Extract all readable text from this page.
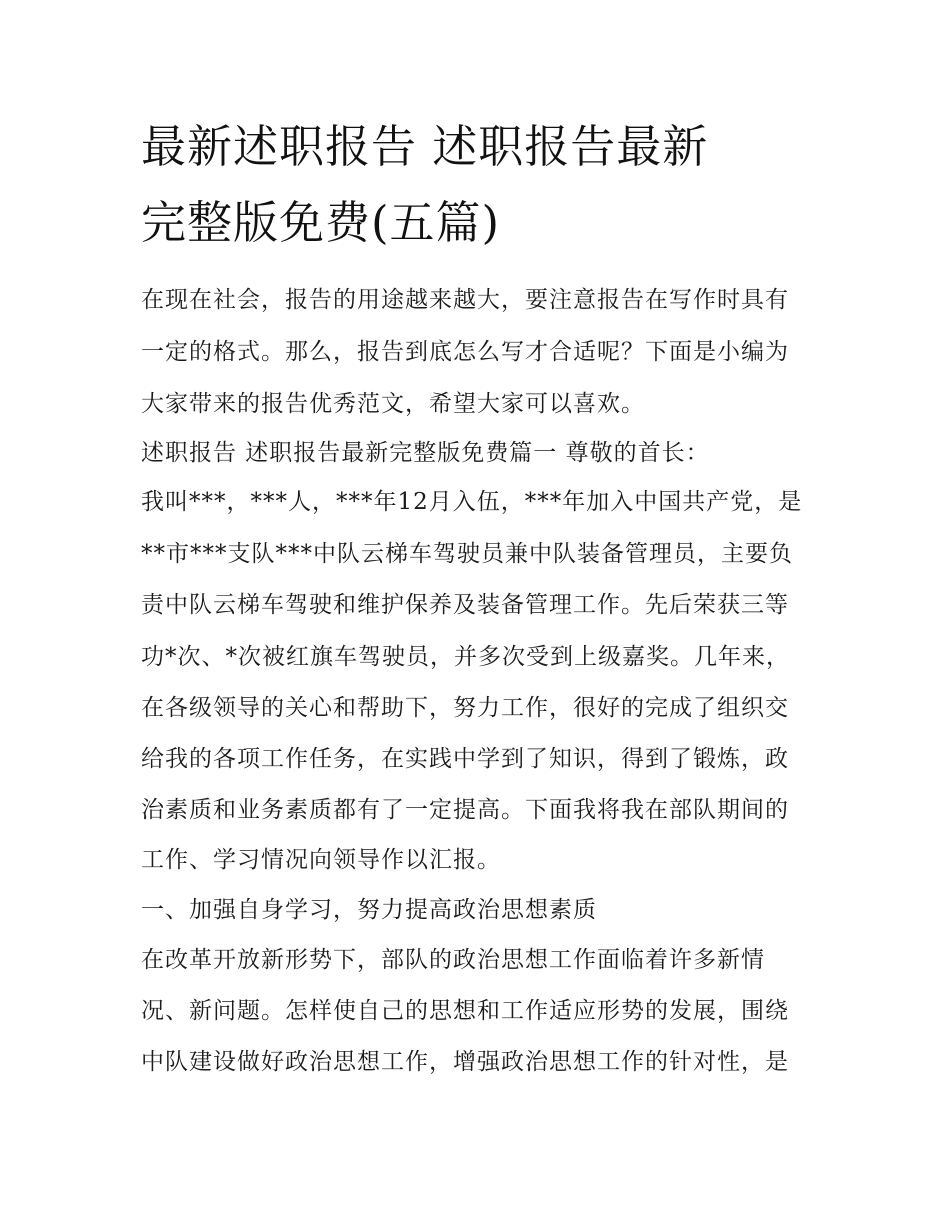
最新述职报告 述职报告最新
完整版免费(五篇)
在现在社会，报告的用途越来越大，要注意报告在写作时具有
一定的格式。那么，报告到底怎么写才合适呢？下面是小编为
大家带来的报告优秀范文，希望大家可以喜欢。
述职报告 述职报告最新完整版免费篇一 尊敬的首长：
我叫***，***人，***年12月入伍，***年加入中国共产党，是
**市***支队***中队云梯车驾驶员兼中队装备管理员，主要负
责中队云梯车驾驶和维护保养及装备管理工作。先后荣获三等
功*次、*次被红旗车驾驶员，并多次受到上级嘉奖。几年来，
在各级领导的关心和帮助下，努力工作，很好的完成了组织交
给我的各项工作任务，在实践中学到了知识，得到了锻炼，政
治素质和业务素质都有了一定提高。下面我将我在部队期间的
工作、学习情况向领导作以汇报。
一、加强自身学习，努力提高政治思想素质
在改革开放新形势下，部队的政治思想工作面临着许多新情
况、新问题。怎样使自己的思想和工作适应形势的发展，围绕
中队建设做好政治思想工作，增强政治思想工作的针对性，是
